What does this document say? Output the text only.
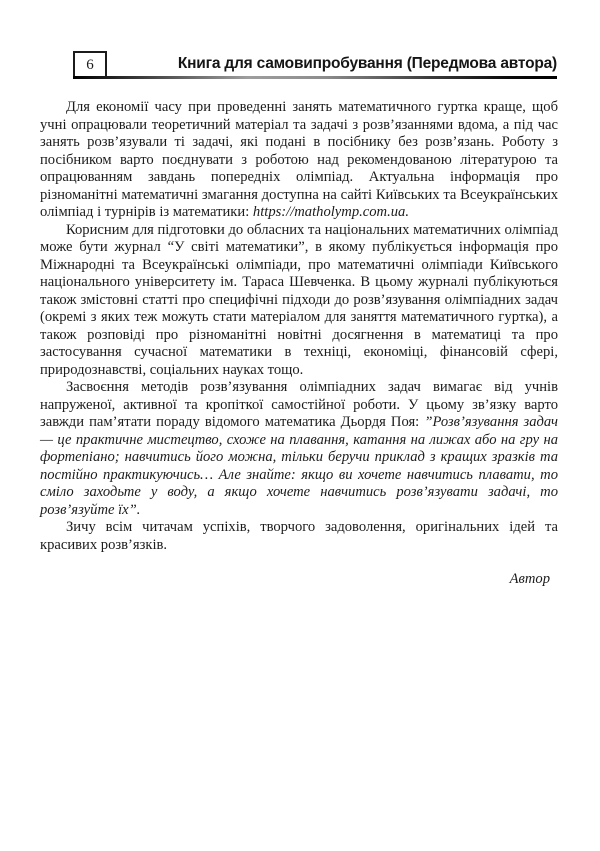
6	Книга для самовипробування (Передмова автора)

Для економії часу при проведенні занять математичного гуртка краще, щоб учні опрацювали теоретичний матеріал та задачі з розв’язаннями вдома, а під час занять розв’язували ті задачі, які подані в посібнику без розв’язань. Роботу з посібником варто поєднувати з роботою над рекомендованою літературою та опрацюванням завдань попередніх олімпіад. Актуальна інформація про різноманітні математичні змагання доступна на сайті Київських та Всеукраїнських олімпіад і турнірів із математики: https://matholymp.com.ua.

Корисним для підготовки до обласних та національних математичних олімпіад може бути журнал “У світі математики”, в якому публікується інформація про Міжнародні та Всеукраїнські олімпіади, про математичні олімпіади Київського національного університету ім. Тараса Шевченка. В цьому журналі публікуються також змістовні статті про специфічні підходи до розв’язування олімпіадних задач (окремі з яких теж можуть стати матеріалом для заняття математичного гуртка), а також розповіді про різноманітні новітні досягнення в математиці та про застосування сучасної математики в техніці, економіці, фінансовій сфері, природознавстві, соціальних науках тощо.

Засвоєння методів розв’язування олімпіадних задач вимагає від учнів напруженої, активної та кропіткої самостійної роботи. У цьому зв’язку варто завжди пам’ятати пораду відомого математика Дьордя Поя: ”Розв’язування задач — це практичне мистецтво, схоже на плавання, катання на лижах або на гру на фортепіано; навчитись його можна, тільки беручи приклад з кращих зразків та постійно практикуючись… Але знайте: якщо ви хочете навчитись плавати, то сміло заходьте у воду, а якщо хочете навчитись розв’язувати задачі, то розв’язуйте їх”.

Зичу всім читачам успіхів, творчого задоволення, оригінальних ідей та красивих розв’язків.

Автор
